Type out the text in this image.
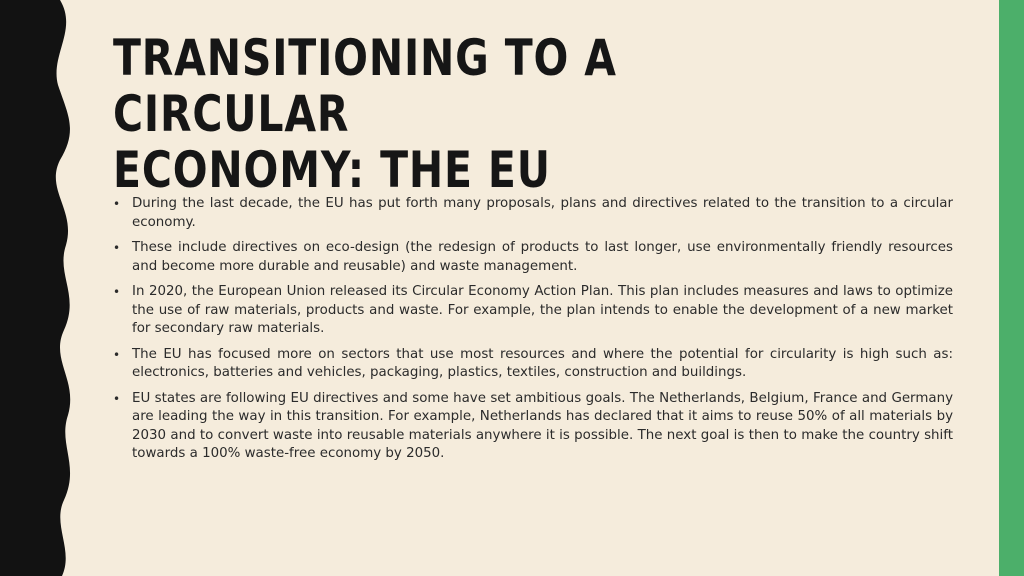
TRANSITIONING TO A CIRCULAR
ECONOMY: THE EU
• During the last decade, the EU has put forth many proposals, plans and directives related to the transition to a circular economy.
• These include directives on eco-design (the redesign of products to last longer, use environmentally friendly resources and become more durable and reusable) and waste management.
• In 2020, the European Union released its Circular Economy Action Plan. This plan includes measures and laws to optimize the use of raw materials, products and waste. For example, the plan intends to enable the development of a new market for secondary raw materials.
• The EU has focused more on sectors that use most resources and where the potential for circularity is high such as: electronics, batteries and vehicles, packaging, plastics, textiles, construction and buildings.
• EU states are following EU directives and some have set ambitious goals. The Netherlands, Belgium, France and Germany are leading the way in this transition. For example, Netherlands has declared that it aims to reuse 50% of all materials by 2030 and to convert waste into reusable materials anywhere it is possible. The next goal is then to make the country shift towards a 100% waste-free economy by 2050.
